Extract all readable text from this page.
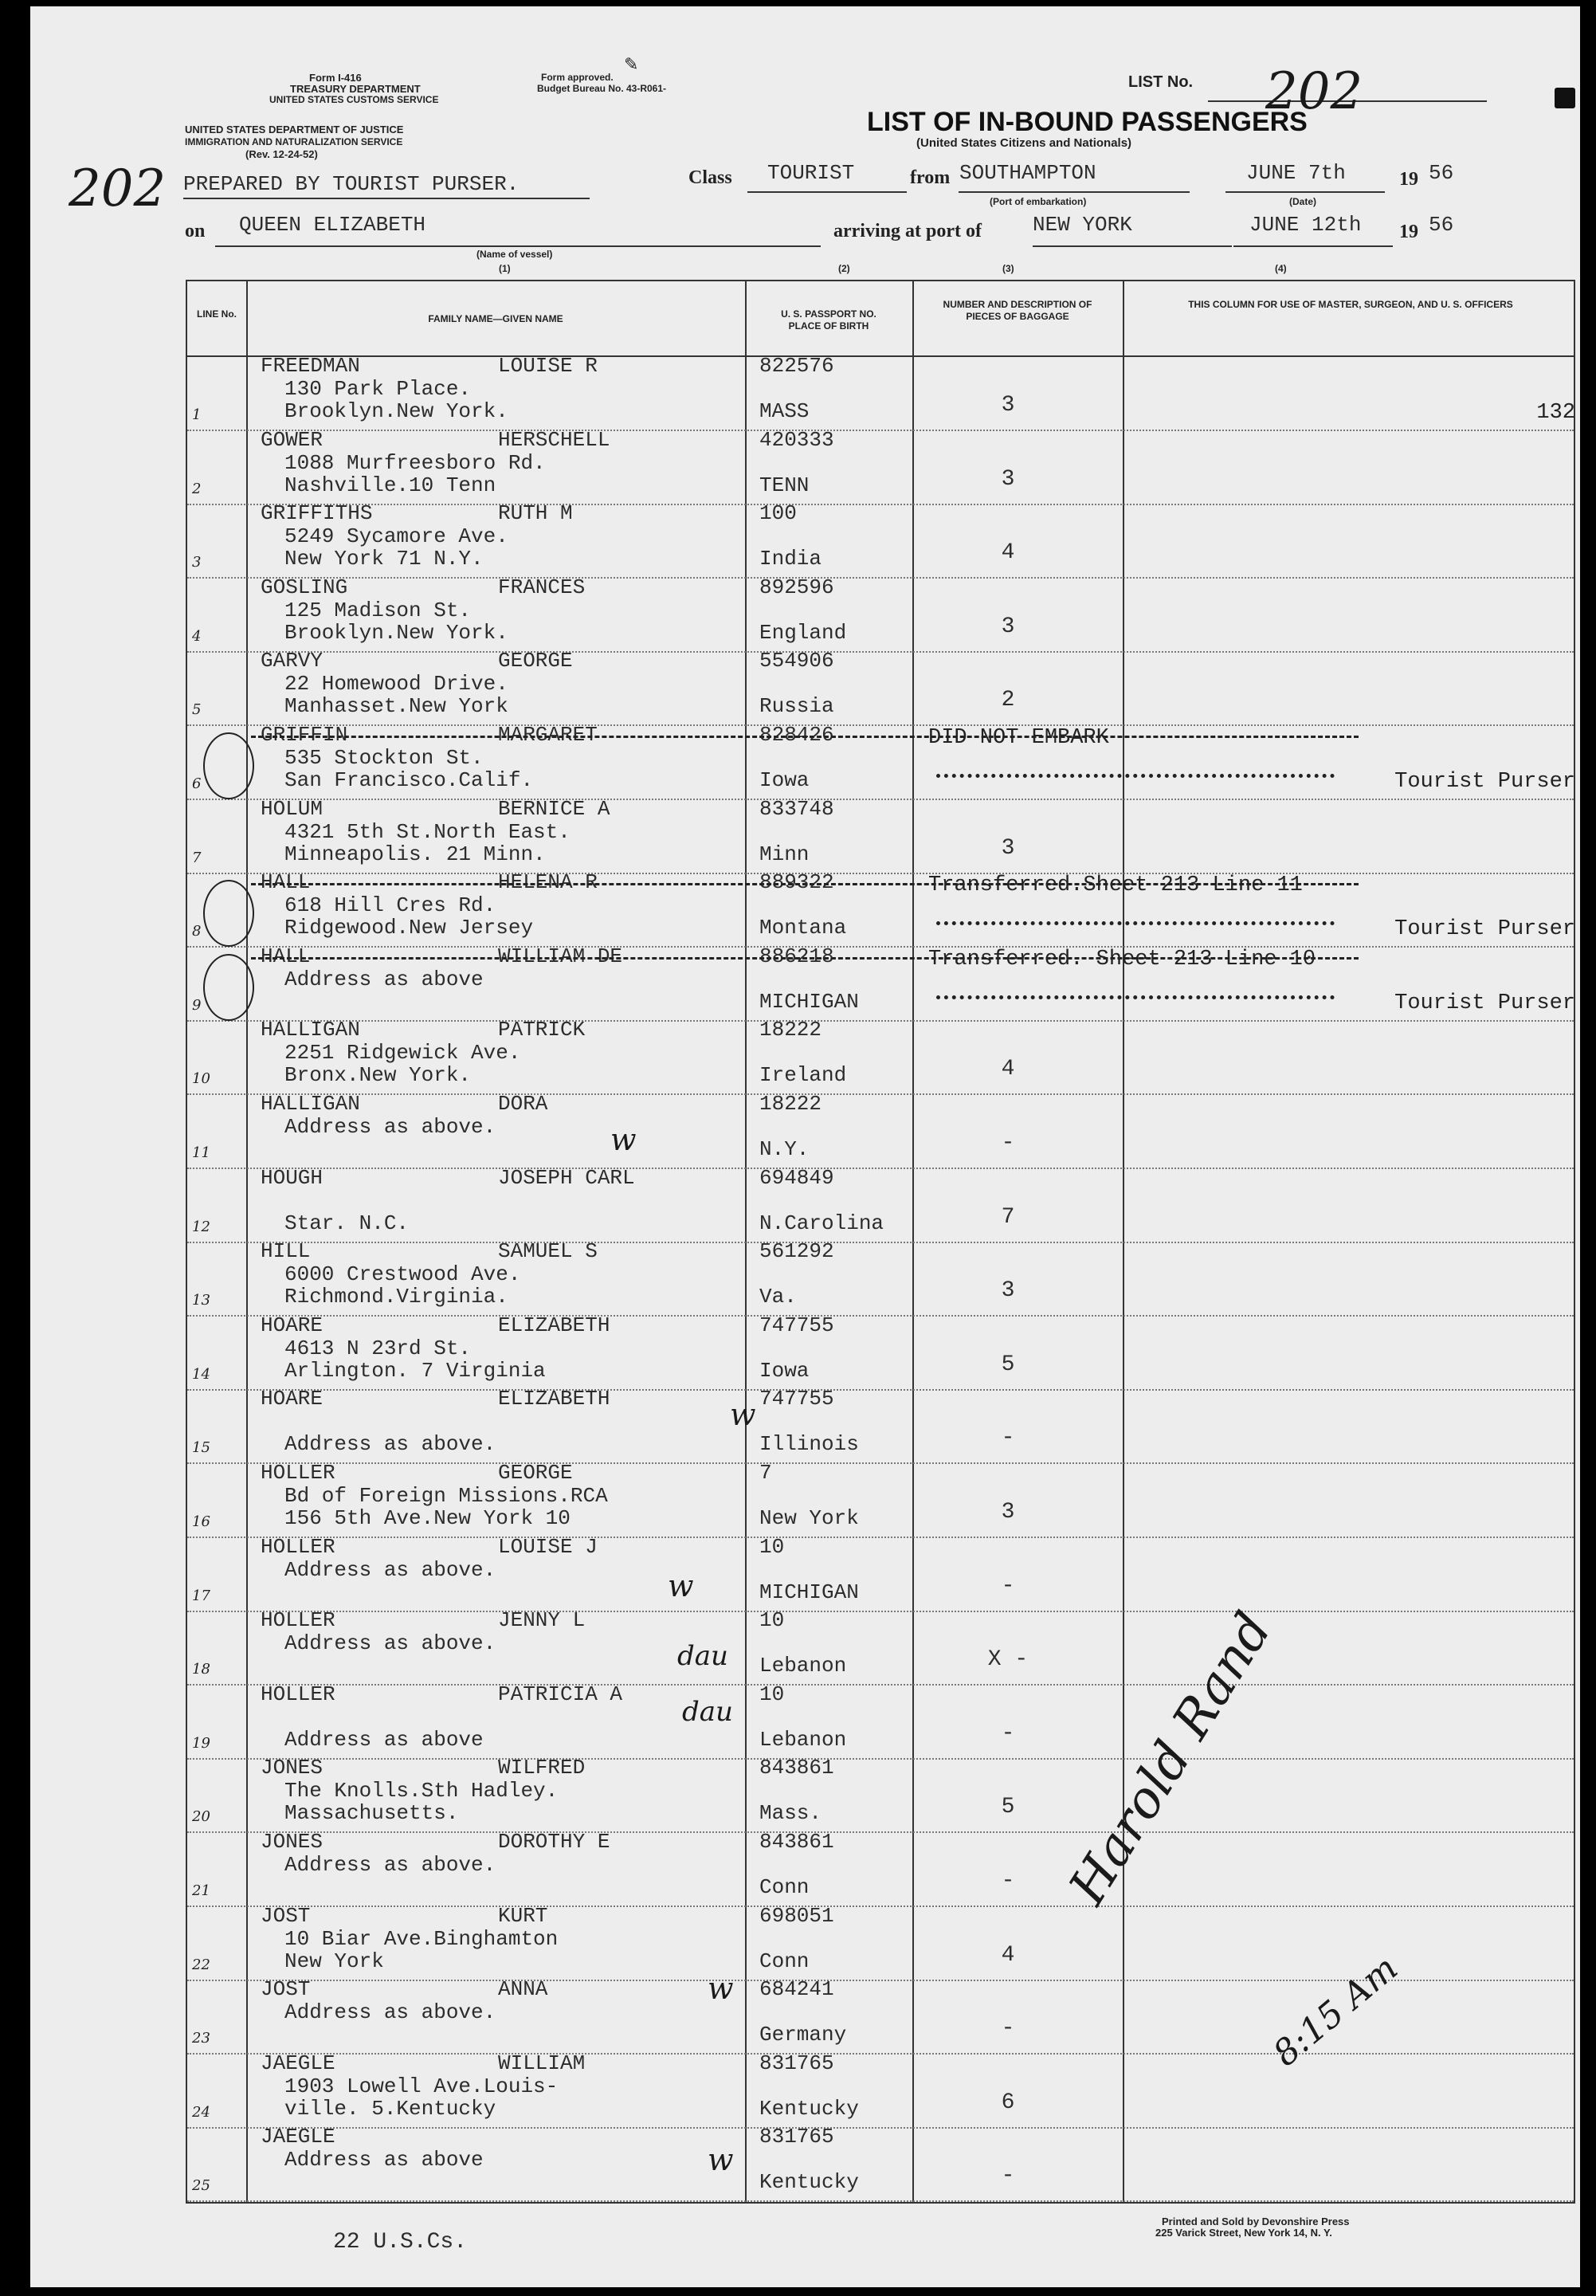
Form I-416
TREASURY DEPARTMENT
UNITED STATES CUSTOMS SERVICE
UNITED STATES DEPARTMENT OF JUSTICE
IMMIGRATION AND NATURALIZATION SERVICE
(Rev. 12-24-52)
Form approved.
Budget Bureau No. 43-R061-
✎
LIST No. 202
LIST OF IN-BOUND PASSENGERS
(United States Citizens and Nationals)
202 PREPARED BY TOURIST PURSER.	Class TOURIST	from SOUTHAMPTON
(Port of embarkation)
JUNE 7th
(Date)
19 56
on QUEEN ELIZABETH
(Name of vessel)
arriving at port of NEW YORK	JUNE 12th 19 56
(1)	(2)	(3)	(4)
LINE No.	FAMILY NAME—GIVEN NAME	U. S. PASSPORT NO. PLACE OF BIRTH
NUMBER AND DESCRIPTION OF PIECES OF BAGGAGE
THIS COLUMN FOR USE OF MASTER, SURGEON, AND U. S. OFFICERS
1
FREEDMAN	LOUISE R
130 Park Place.
Brooklyn.New York.
822576
MASS	3	132
2
GOWER	HERSCHELL
1088 Murfreesboro Rd.
Nashville.10 Tenn
420333
TENN	3
3
GRIFFITHS	RUTH M
5249 Sycamore Ave.
New York 71 N.Y.
100
India	4
4
GOSLING	FRANCES
125 Madison St.
Brooklyn.New York.
892596
England	3
5
GARVY	GEORGE
22 Homewood Drive.
Manhasset.New York
554906
Russia	2
6
GRIFFIN	MARGARET
535 Stockton St.
San Francisco.Calif.
828426
Iowa
DID NOT EMBARK
Tourist Purser
7
HOLUM	BERNICE A
4321 5th St.North East.
Minneapolis. 21 Minn.
833748
Minn	3
8
HALL	HELENA R
618 Hill Cres Rd.
Ridgewood.New Jersey
889322
Montana
Transferred.Sheet 213 Line 11
Tourist Purser
9
HALL	WILLIAM DE
Address as above
886218
MICHIGAN
Transferred. Sheet 213 Line 10
Tourist Purser
10
HALLIGAN	PATRICK
2251 Ridgewick Ave.
Bronx.New York.
18222
Ireland	4
11
HALLIGAN	DORA
Address as above.
18222
N.Y.	-
12
HOUGH	JOSEPH CARL
Star. N.C.
694849
N.Carolina	7
13
HILL	SAMUEL S
6000 Crestwood Ave.
Richmond.Virginia.
561292
Va.	3
14
HOARE	ELIZABETH
4613 N 23rd St.
Arlington. 7 Virginia
747755
Iowa	5
15
HOARE	ELIZABETH
Address as above.
747755
Illinois	-
16
HOLLER	GEORGE
Bd of Foreign Missions.RCA
156 5th Ave.New York 10
7
New York	3
17
HOLLER	LOUISE J
Address as above.
10
MICHIGAN	-
18
HOLLER	JENNY L
Address as above.
10
Lebanon	X -
19
HOLLER	PATRICIA A
Address as above
10
Lebanon	-
20
JONES	WILFRED
The Knolls.Sth Hadley.
Massachusetts.
843861
Mass.	5
21
JONES	DOROTHY E
Address as above.
843861
Conn	-
22
JOST	KURT
10 Biar Ave.Binghamton
New York
698051
Conn	4
23
JOST	ANNA
Address as above.
684241
Germany	-
24
JAEGLE	WILLIAM
1903 Lowell Ave.Louis-
ville. 5.Kentucky
831765
Kentucky	6
25
JAEGLE
Address as above
831765
Kentucky	-
Harold Rand
8:15 Am
w
w
w
dau
dau
w
w
22 U.S.Cs.
Printed and Sold by Devonshire Press
225 Varick Street, New York 14, N. Y.
